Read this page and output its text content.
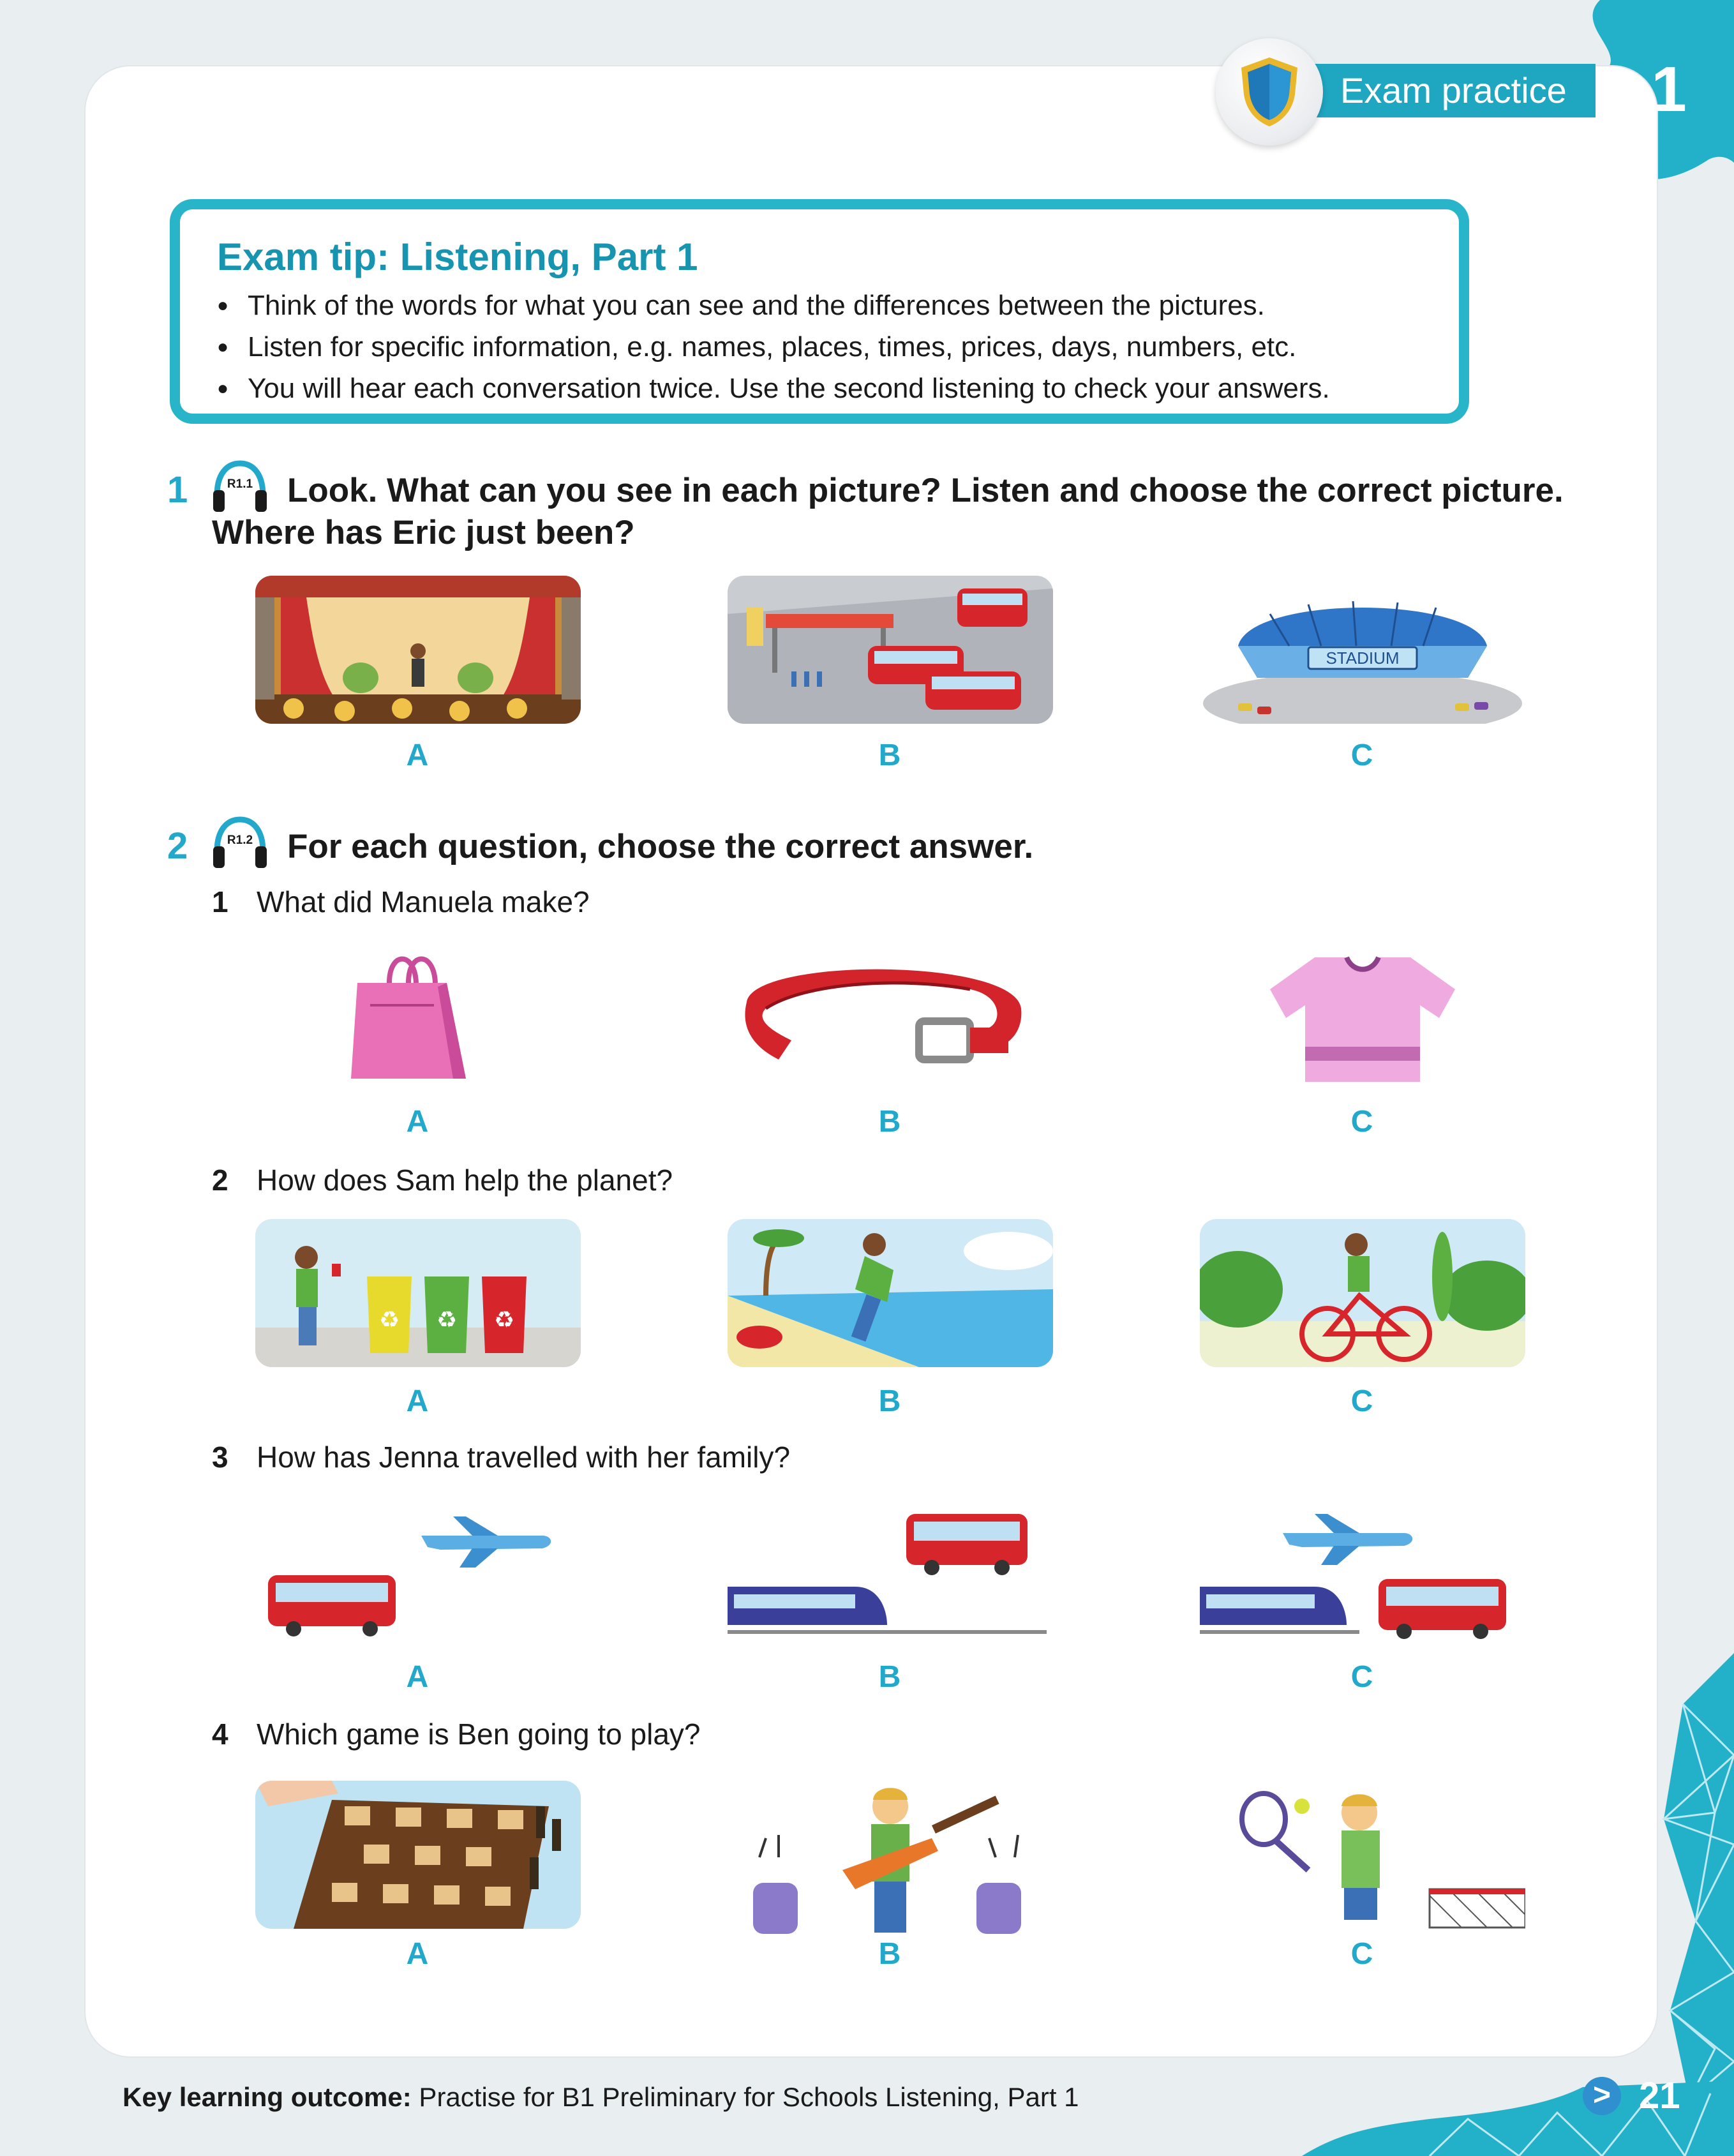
Exam practice	1
Exam tip: Listening, Part 1
● Think of the words for what you can see and the differences between the pictures.
● Listen for specific information, e.g. names, places, times, prices, days, numbers, etc.
● You will hear each conversation twice. Use the second listening to check your answers.
1	R1.1 Look. What can you see in each picture? Listen and choose the correct picture.
Where has Eric just been?
STADIUM
A	B	C
2	R1.2 For each question, choose the correct answer.
1 What did Manuela make?
A	B	C
2 How does Sam help the planet?
♻ ♻ ♻
A	B	C
3 How has Jenna travelled with her family?
A	B	C
4 Which game is Ben going to play?
A	B	C
Key learning outcome: Practise for B1 Preliminary for Schools Listening, Part 1	> 21
